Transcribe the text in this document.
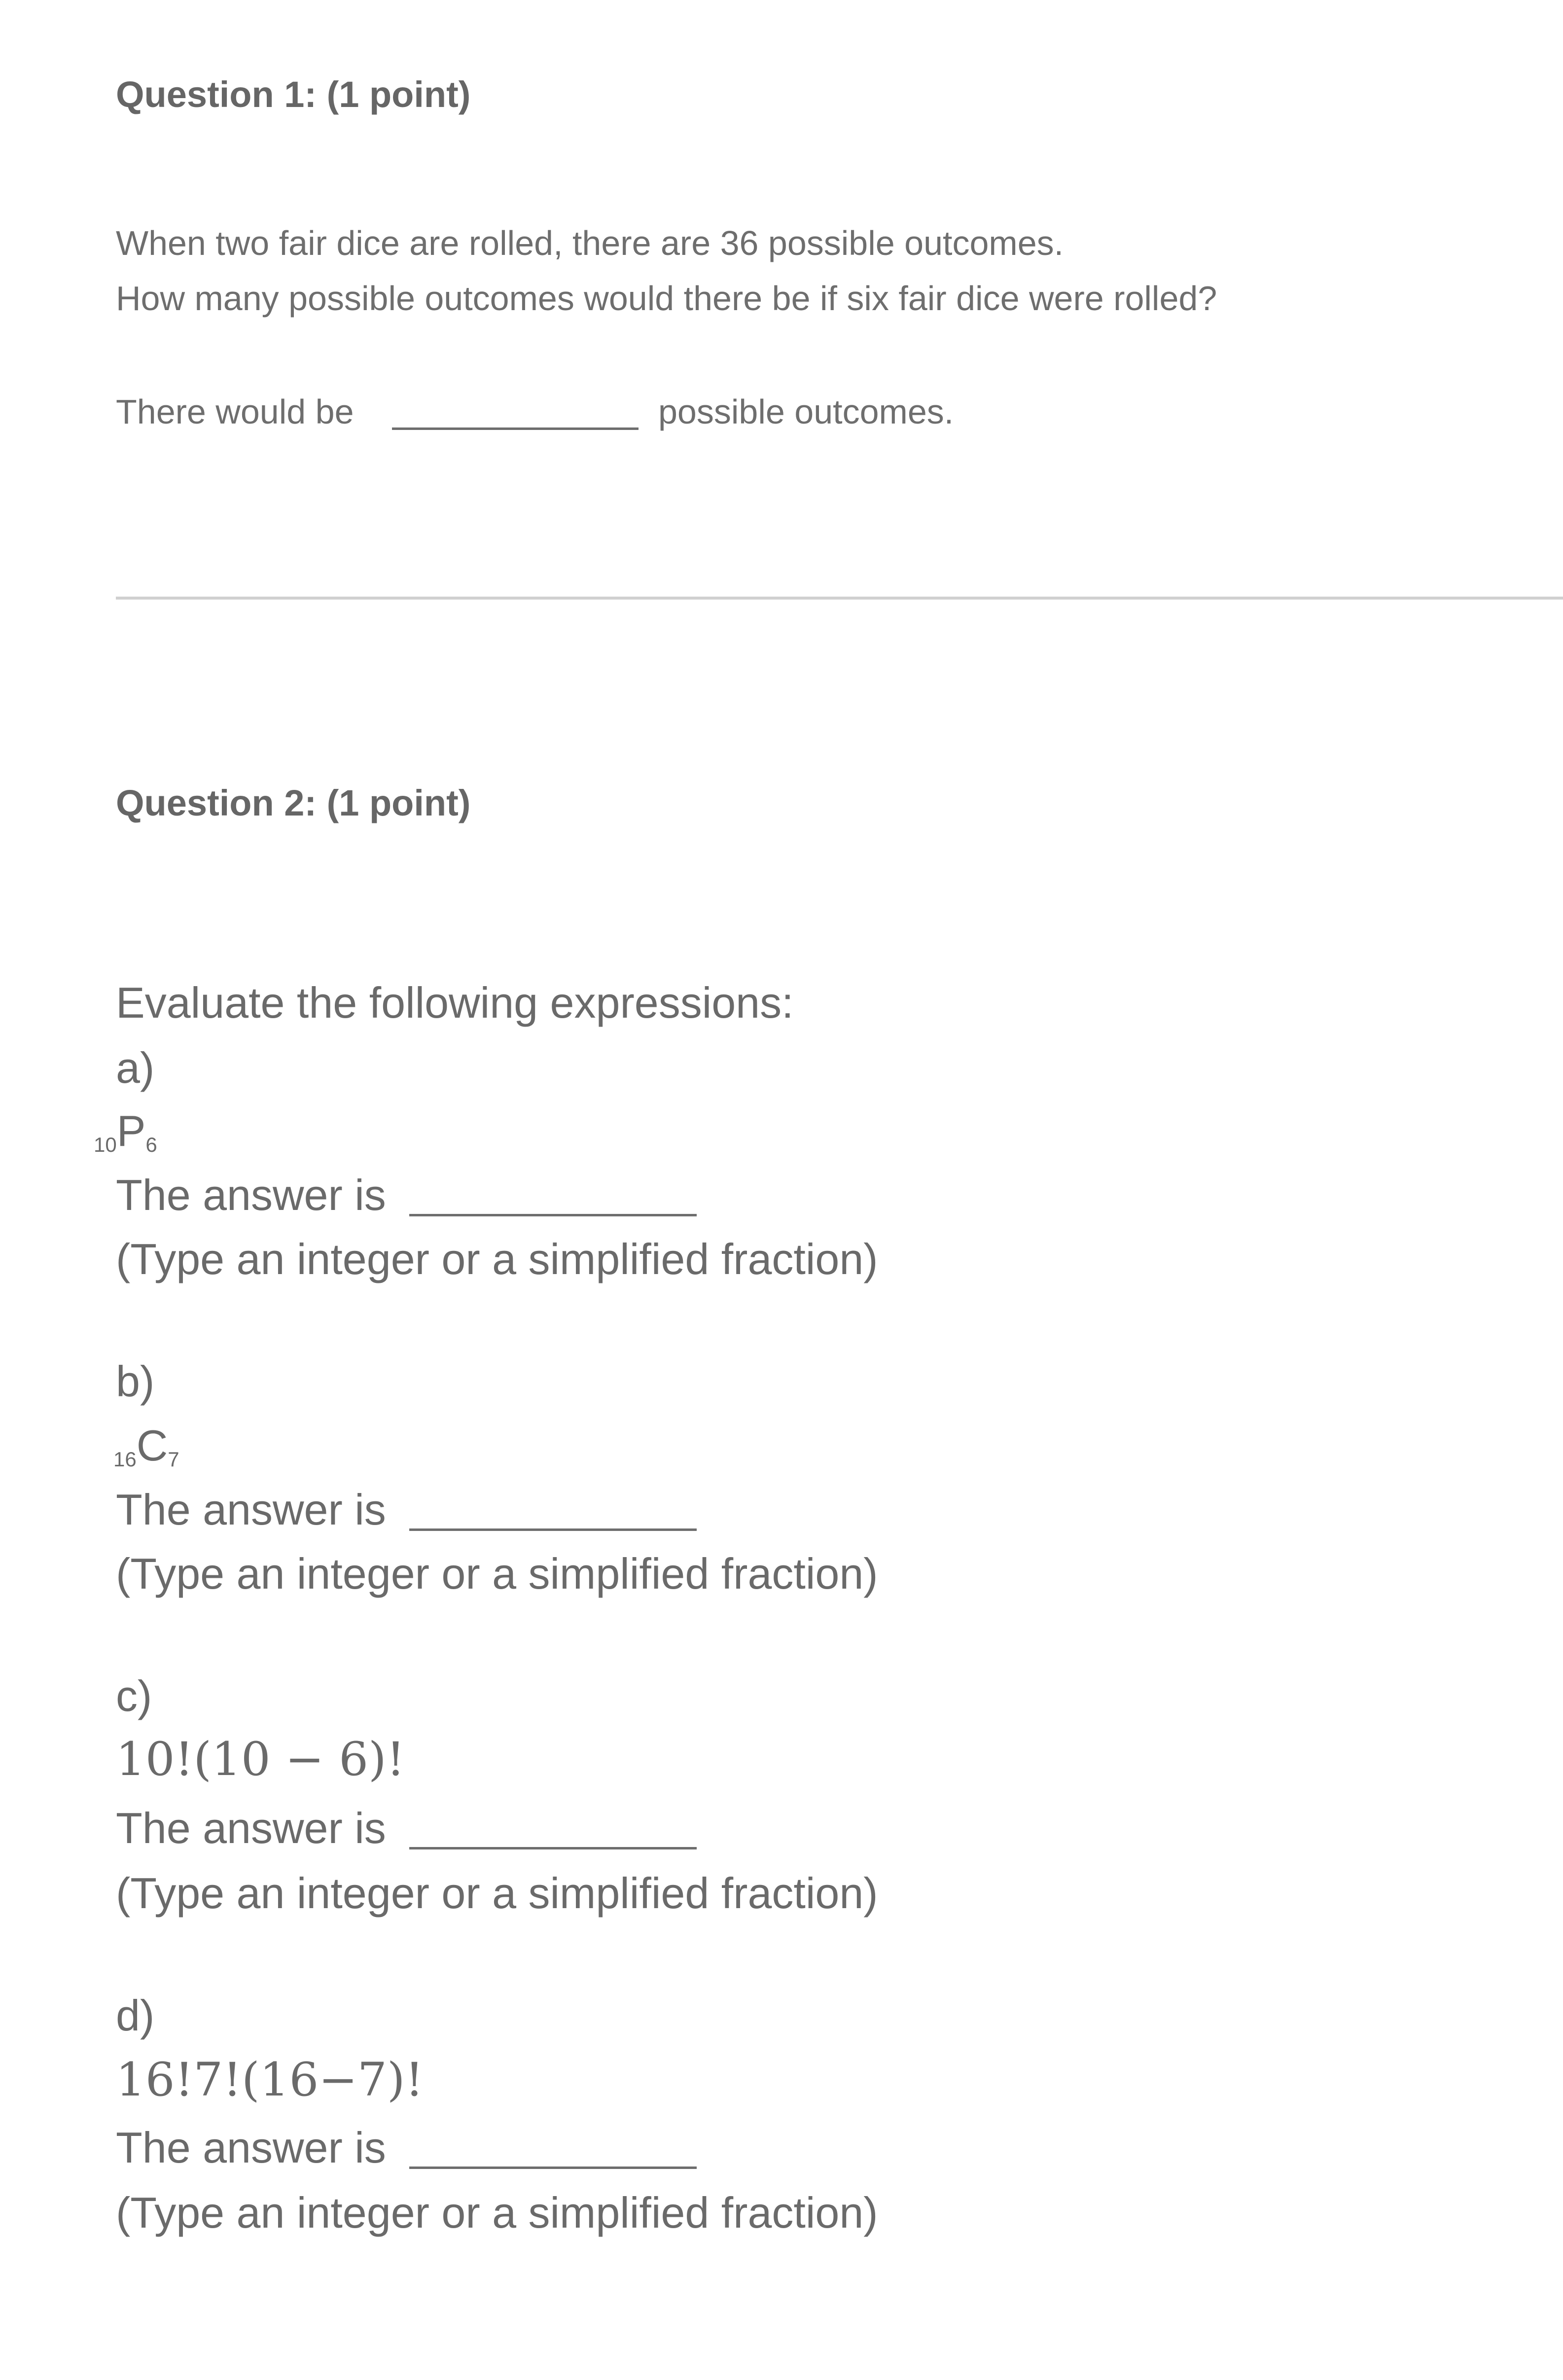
Question 1: (1 point)
When two fair dice are rolled, there are 36 possible outcomes.
How many possible outcomes would there be if six fair dice were rolled?
There would be	possible outcomes.
Question 2: (1 point)
Evaluate the following expressions:
a)
$10P_6$
The answer is
(Type an integer or a simplified fraction)
b)
$16C_7$
The answer is
(Type an integer or a simplified fraction)
c)
10!(10 − 6)!
The answer is
(Type an integer or a simplified fraction)
d)
16!7!(16−7)!
The answer is
(Type an integer or a simplified fraction)
